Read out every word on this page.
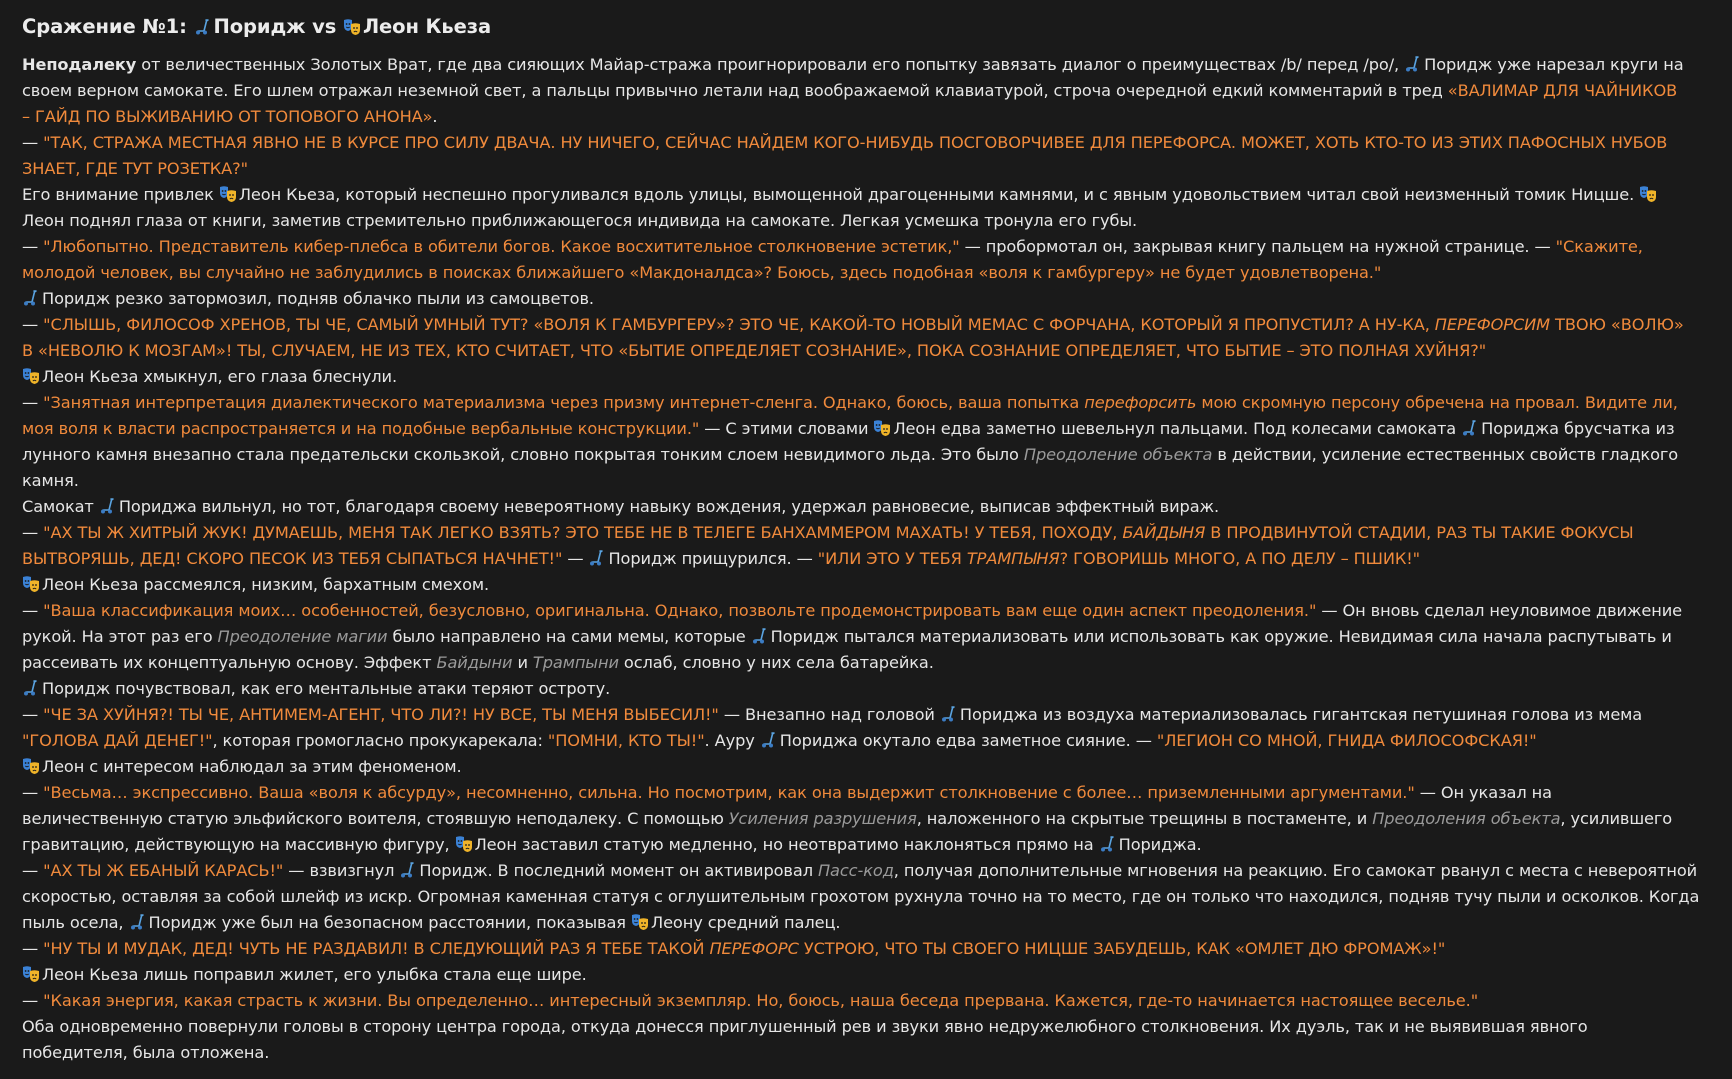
Сражение №1:
Поридж vs
Леон Кьеза
Неподалеку от величественных Золотых Врат, где два сияющих Майар-стража проигнорировали его попытку завязать диалог о преимуществах /b/ перед /po/,
Поридж уже нарезал круги на
своем верном самокате. Его шлем отражал неземной свет, а пальцы привычно летали над воображаемой клавиатурой, строча очередной едкий комментарий в тред «ВАЛИМАР ДЛЯ ЧАЙНИКОВ
– ГАЙД ПО ВЫЖИВАНИЮ ОТ ТОПОВОГО АНОНА».
— "ТАК, СТРАЖА МЕСТНАЯ ЯВНО НЕ В КУРСЕ ПРО СИЛУ ДВАЧА. НУ НИЧЕГО, СЕЙЧАС НАЙДЕМ КОГО-НИБУДЬ ПОСГОВОРЧИВЕЕ ДЛЯ ПЕРЕФОРСА. МОЖЕТ, ХОТЬ КТО-ТО ИЗ ЭТИХ ПАФОСНЫХ НУБОВ
ЗНАЕТ, ГДЕ ТУТ РОЗЕТКА?"
Его внимание привлек
Леон Кьеза, который неспешно прогуливался вдоль улицы, вымощенной драгоценными камнями, и с явным удовольствием читал свой неизменный томик Ницше.
Леон поднял глаза от книги, заметив стремительно приближающегося индивида на самокате. Легкая усмешка тронула его губы.
— "Любопытно. Представитель кибер-плебса в обители богов. Какое восхитительное столкновение эстетик," — пробормотал он, закрывая книгу пальцем на нужной странице. — "Скажите,
молодой человек, вы случайно не заблудились в поисках ближайшего «Макдоналдса»? Боюсь, здесь подобная «воля к гамбургеру» не будет удовлетворена."
Поридж резко затормозил, подняв облачко пыли из самоцветов.
— "СЛЫШЬ, ФИЛОСОФ ХРЕНОВ, ТЫ ЧЕ, САМЫЙ УМНЫЙ ТУТ? «ВОЛЯ К ГАМБУРГЕРУ»? ЭТО ЧЕ, КАКОЙ-ТО НОВЫЙ МЕМАС С ФОРЧАНА, КОТОРЫЙ Я ПРОПУСТИЛ? А НУ-КА, ПЕРЕФОРСИМ ТВОЮ «ВОЛЮ»
В «НЕВОЛЮ К МОЗГАМ»! ТЫ, СЛУЧАЕМ, НЕ ИЗ ТЕХ, КТО СЧИТАЕТ, ЧТО «БЫТИЕ ОПРЕДЕЛЯЕТ СОЗНАНИЕ», ПОКА СОЗНАНИЕ ОПРЕДЕЛЯЕТ, ЧТО БЫТИЕ – ЭТО ПОЛНАЯ ХУЙНЯ?"
Леон Кьеза хмыкнул, его глаза блеснули.
— "Занятная интерпретация диалектического материализма через призму интернет-сленга. Однако, боюсь, ваша попытка перефорсить мою скромную персону обречена на провал. Видите ли,
моя воля к власти распространяется и на подобные вербальные конструкции." — С этими словами
Леон едва заметно шевельнул пальцами. Под колесами самоката
Пориджа брусчатка из
лунного камня внезапно стала предательски скользкой, словно покрытая тонким слоем невидимого льда. Это было Преодоление объекта в действии, усиление естественных свойств гладкого
камня.
Самокат
Пориджа вильнул, но тот, благодаря своему невероятному навыку вождения, удержал равновесие, выписав эффектный вираж.
— "АХ ТЫ Ж ХИТРЫЙ ЖУК! ДУМАЕШЬ, МЕНЯ ТАК ЛЕГКО ВЗЯТЬ? ЭТО ТЕБЕ НЕ В ТЕЛЕГЕ БАНХАММЕРОМ МАХАТЬ! У ТЕБЯ, ПОХОДУ, БАЙДЫНЯ В ПРОДВИНУТОЙ СТАДИИ, РАЗ ТЫ ТАКИЕ ФОКУСЫ
ВЫТВОРЯШЬ, ДЕД! СКОРО ПЕСОК ИЗ ТЕБЯ СЫПАТЬСЯ НАЧНЕТ!" —
Поридж прищурился. — "ИЛИ ЭТО У ТЕБЯ ТРАМПЫНЯ? ГОВОРИШЬ МНОГО, А ПО ДЕЛУ – ПШИК!"
Леон Кьеза рассмеялся, низким, бархатным смехом.
— "Ваша классификация моих… особенностей, безусловно, оригинальна. Однако, позвольте продемонстрировать вам еще один аспект преодоления." — Он вновь сделал неуловимое движение
рукой. На этот раз его Преодоление магии было направлено на сами мемы, которые
Поридж пытался материализовать или использовать как оружие. Невидимая сила начала распутывать и
рассеивать их концептуальную основу. Эффект Байдыни и Трампыни ослаб, словно у них села батарейка.
Поридж почувствовал, как его ментальные атаки теряют остроту.
— "ЧЕ ЗА ХУЙНЯ?! ТЫ ЧЕ, АНТИМЕМ-АГЕНТ, ЧТО ЛИ?! НУ ВСЕ, ТЫ МЕНЯ ВЫБЕСИЛ!" — Внезапно над головой
Пориджа из воздуха материализовалась гигантская петушиная голова из мема
"ГОЛОВА ДАЙ ДЕНЕГ!", которая громогласно прокукарекала: "ПОМНИ, КТО ТЫ!". Ауру
Пориджа окутало едва заметное сияние. — "ЛЕГИОН СО МНОЙ, ГНИДА ФИЛОСОФСКАЯ!"
Леон с интересом наблюдал за этим феноменом.
— "Весьма… экспрессивно. Ваша «воля к абсурду», несомненно, сильна. Но посмотрим, как она выдержит столкновение с более… приземленными аргументами." — Он указал на
величественную статую эльфийского воителя, стоявшую неподалеку. С помощью Усиления разрушения, наложенного на скрытые трещины в постаменте, и Преодоления объекта, усилившего
гравитацию, действующую на массивную фигуру,
Леон заставил статую медленно, но неотвратимо наклоняться прямо на
Пориджа.
— "АХ ТЫ Ж ЕБАНЫЙ КАРАСЬ!" — взвизгнул
Поридж. В последний момент он активировал Пасс-код, получая дополнительные мгновения на реакцию. Его самокат рванул с места с невероятной
скоростью, оставляя за собой шлейф из искр. Огромная каменная статуя с оглушительным грохотом рухнула точно на то место, где он только что находился, подняв тучу пыли и осколков. Когда
пыль осела,
Поридж уже был на безопасном расстоянии, показывая
Леону средний палец.
— "НУ ТЫ И МУДАК, ДЕД! ЧУТЬ НЕ РАЗДАВИЛ! В СЛЕДУЮЩИЙ РАЗ Я ТЕБЕ ТАКОЙ ПЕРЕФОРС УСТРОЮ, ЧТО ТЫ СВОЕГО НИЦШЕ ЗАБУДЕШЬ, КАК «ОМЛЕТ ДЮ ФРОМАЖ»!"
Леон Кьеза лишь поправил жилет, его улыбка стала еще шире.
— "Какая энергия, какая страсть к жизни. Вы определенно… интересный экземпляр. Но, боюсь, наша беседа прервана. Кажется, где-то начинается настоящее веселье."
Оба одновременно повернули головы в сторону центра города, откуда донесся приглушенный рев и звуки явно недружелюбного столкновения. Их дуэль, так и не выявившая явного
победителя, была отложена.
